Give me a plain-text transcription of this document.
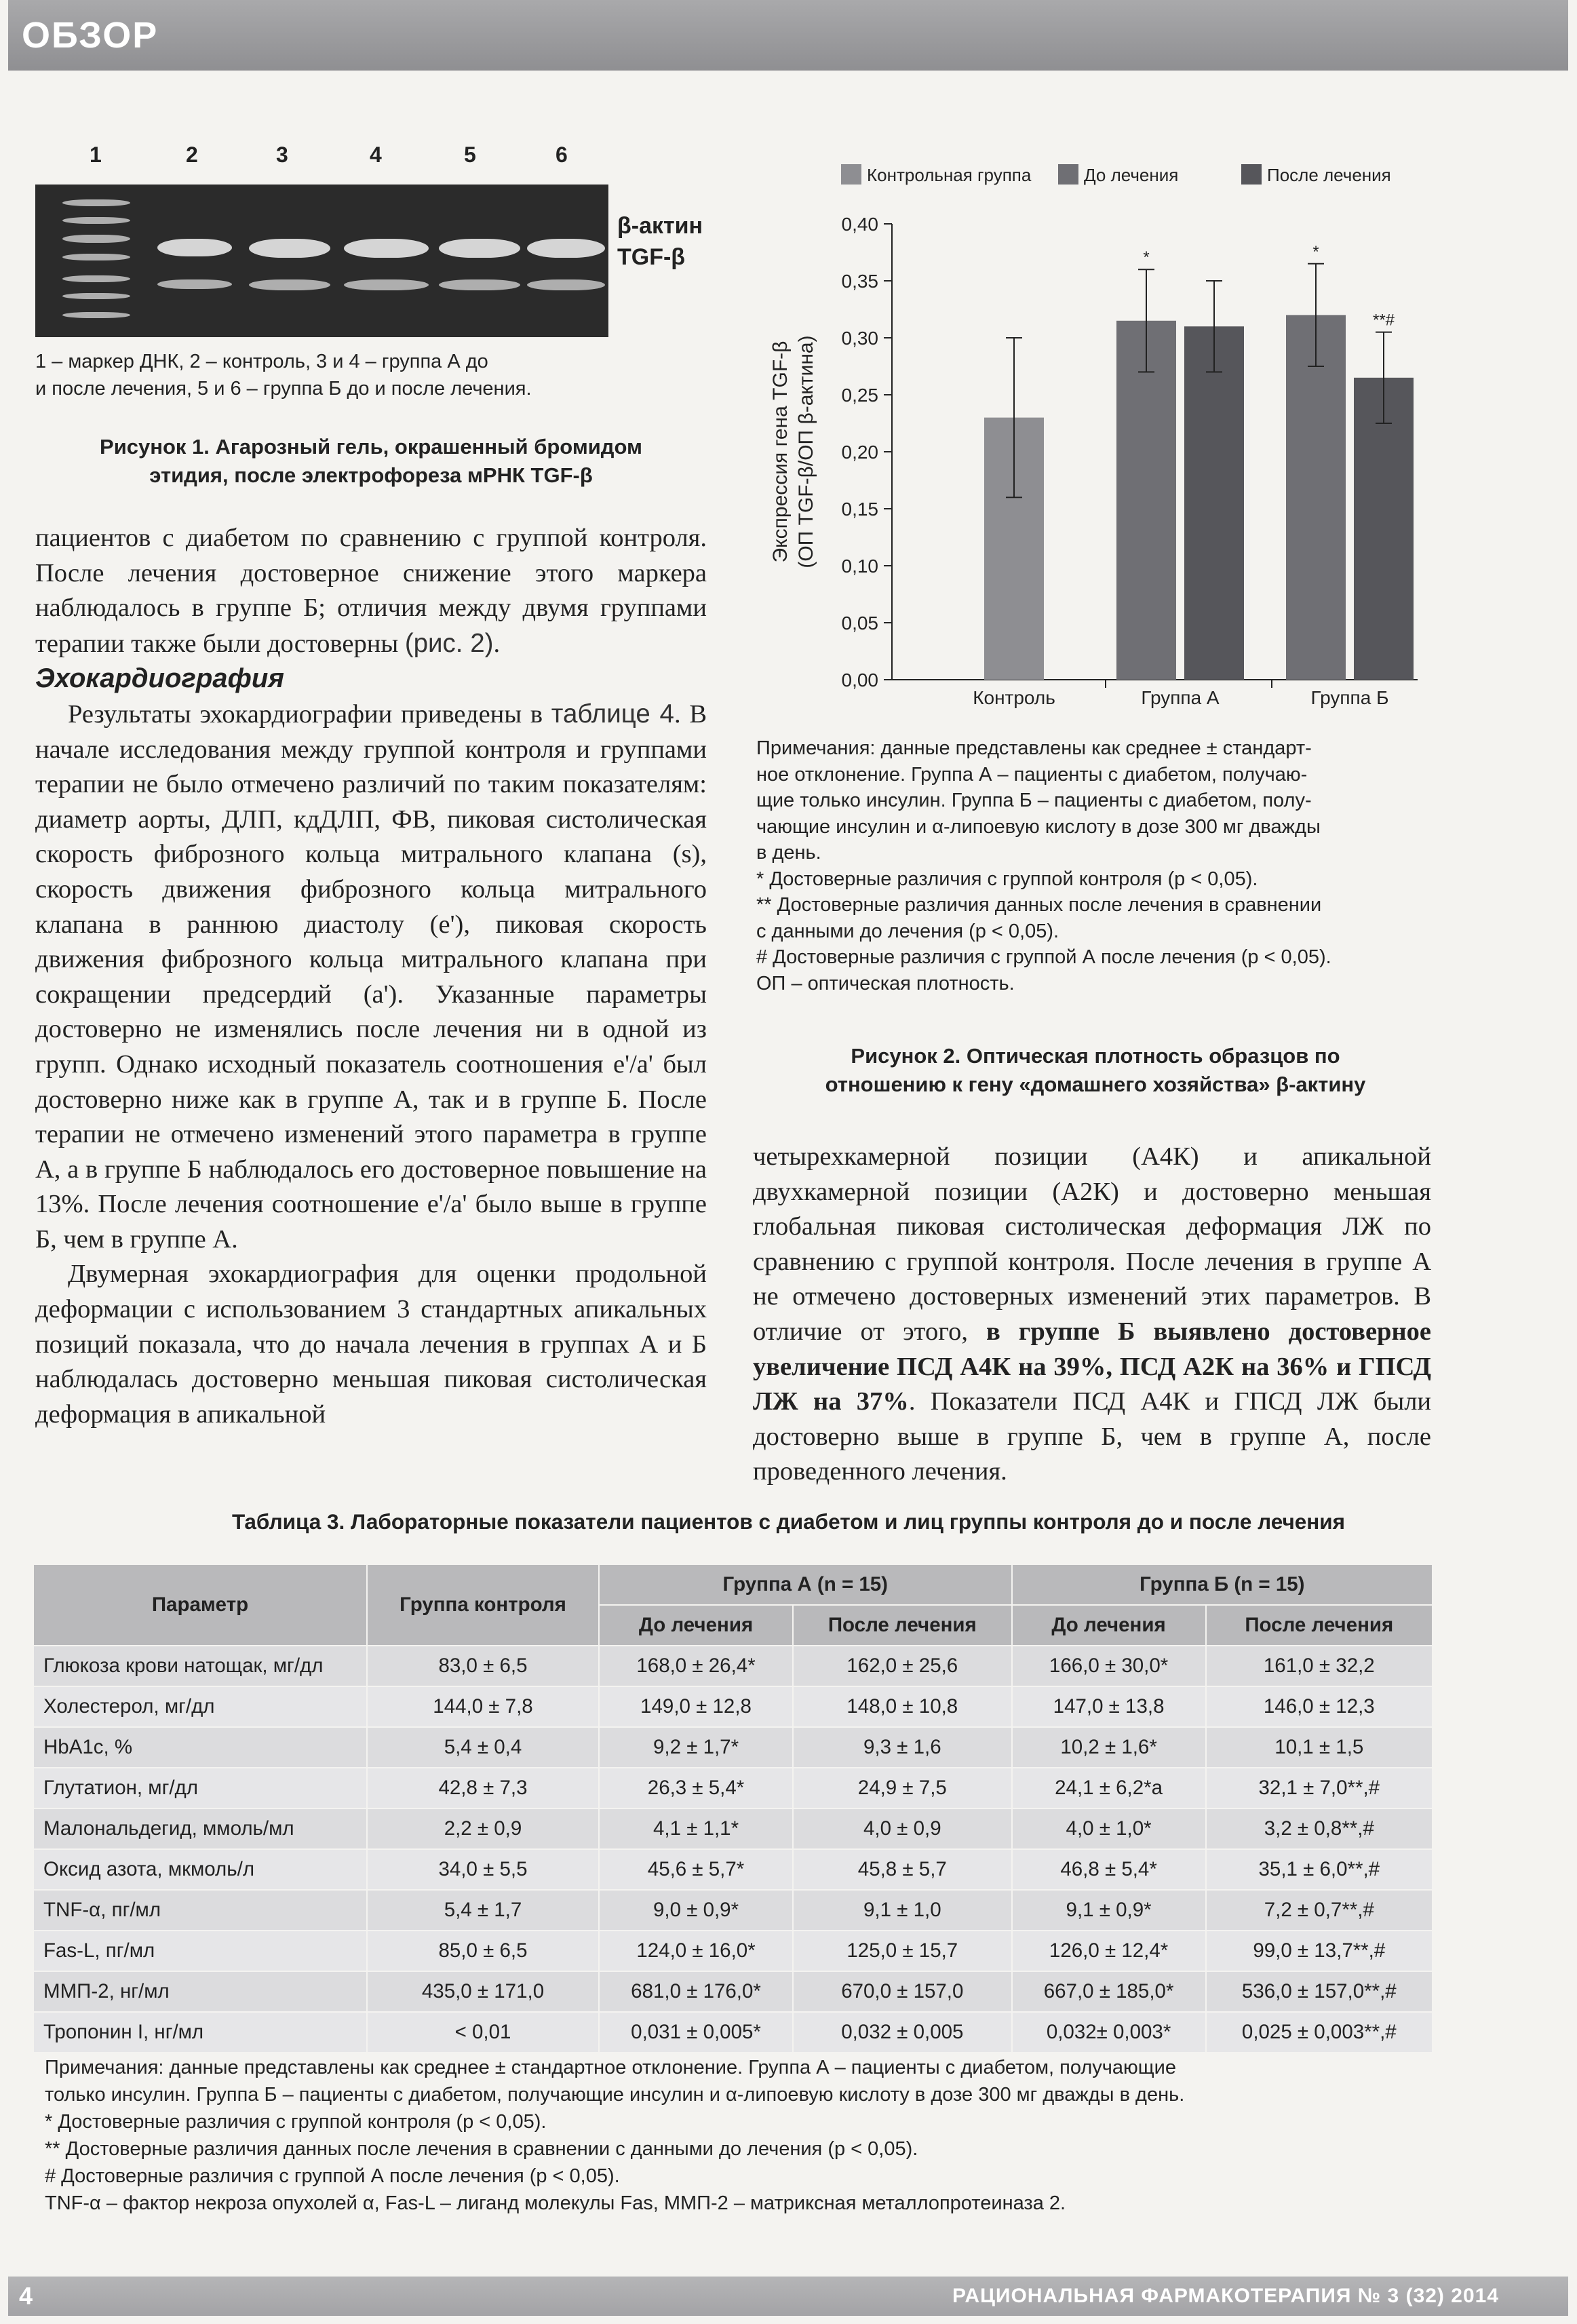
ОБЗОР
1	2	3	4	5	6
β-актин
TGF-β
1 – маркер ДНК, 2 – контроль, 3 и 4 – группа А до
и после лечения, 5 и 6 – группа Б до и после лечения.
Рисунок 1. Агарозный гель, окрашенный бромидом
этидия, после электрофореза мРНК TGF-β

пациентов с диабетом по сравнению с группой контроля. После лечения достоверное снижение этого маркера наблюдалось в группе Б; отличия между двумя группами терапии также были достоверны (рис. 2).

Эхокардиография

Результаты эхокардиографии приведены в таблице 4. В начале исследования между группой контроля и группами терапии не было отмечено различий по таким показателям: диаметр аорты, ДЛП, кдДЛП, ФВ, пиковая систолическая скорость фиброзного кольца митрального клапана (s), скорость движения фиброзного кольца митрального клапана в раннюю диастолу (e'), пиковая скорость движения фиброзного кольца митрального клапана при сокращении предсердий (a'). Указанные параметры достоверно не изменялись после лечения ни в одной из групп. Однако исходный показатель соотношения e'/a' был достоверно ниже как в группе А, так и в группе Б. После терапии не отмечено изменений этого параметра в группе А, а в группе Б наблюдалось его достоверное повышение на 13%. После лечения соотношение e'/a' было выше в группе Б, чем в группе А.

Двумерная эхокардиография для оценки продольной деформации с использованием 3 стандартных апикальных позиций показала, что до начала лечения в группах А и Б наблюдалась достоверно меньшая пиковая систолическая деформация в апикальной

Контрольная группа	До лечения	После лечения
0,00
0,05
0,10
0,15
0,20
0,25
0,30
0,35
0,40
Экспрессия гена TGF-β (ОП TGF-β/ОП β-актина)
Контроль
*
Группа А
*
**#
Группа Б
Примечания: данные представлены как среднее ± стандарт-
ное отклонение. Группа А – пациенты с диабетом, получаю-
щие только инсулин. Группа Б – пациенты с диабетом, полу-
чающие инсулин и α-липоевую кислоту в дозе 300 мг дважды
в день.
* Достоверные различия с группой контроля (p < 0,05).
** Достоверные различия данных после лечения в сравнении
с данными до лечения (p < 0,05).
# Достоверные различия с группой А после лечения (p < 0,05).
ОП – оптическая плотность.
Рисунок 2. Оптическая плотность образцов по
отношению к гену «домашнего хозяйства» β-актину

четырехкамерной позиции (А4К) и апикальной двухкамерной позиции (А2К) и достоверно меньшая глобальная пиковая систолическая деформация ЛЖ по сравнению с группой контроля. После лечения в группе А не отмечено достоверных изменений этих параметров. В отличие от этого, в группе Б выявлено достоверное увеличение ПСД А4К на 39%, ПСД А2К на 36% и ГПСД ЛЖ на 37%. Показатели ПСД А4К и ГПСД ЛЖ были достоверно выше в группе Б, чем в группе А, после проведенного лечения.

Таблица 3. Лабораторные показатели пациентов с диабетом и лиц группы контроля до и после лечения
Параметр	Группа контроля	Группа А (n = 15)		Группа Б (n = 15)	
		До лечения	После лечения	До лечения	После лечения
Глюкоза крови натощак, мг/дл	83,0 ± 6,5	168,0 ± 26,4*	162,0 ± 25,6	166,0 ± 30,0*	161,0 ± 32,2
Холестерол, мг/дл	144,0 ± 7,8	149,0 ± 12,8	148,0 ± 10,8	147,0 ± 13,8	146,0 ± 12,3
HbA1c, %	5,4 ± 0,4	9,2 ± 1,7*	9,3 ± 1,6	10,2 ± 1,6*	10,1 ± 1,5
Глутатион, мг/дл	42,8 ± 7,3	26,3 ± 5,4*	24,9 ± 7,5	24,1 ± 6,2*а	32,1 ± 7,0**,#
Малональдегид, ммоль/мл	2,2 ± 0,9	4,1 ± 1,1*	4,0 ± 0,9	4,0 ± 1,0*	3,2 ± 0,8**,#
Оксид азота, мкмоль/л	34,0 ± 5,5	45,6 ± 5,7*	45,8 ± 5,7	46,8 ± 5,4*	35,1 ± 6,0**,#
TNF-α, пг/мл	5,4 ± 1,7	9,0 ± 0,9*	9,1 ± 1,0	9,1 ± 0,9*	7,2 ± 0,7**,#
Fas-L, пг/мл	85,0 ± 6,5	124,0 ± 16,0*	125,0 ± 15,7	126,0 ± 12,4*	99,0 ± 13,7**,#
ММП-2, нг/мл	435,0 ± 171,0	681,0 ± 176,0*	670,0 ± 157,0	667,0 ± 185,0*	536,0 ± 157,0**,#
Тропонин I, нг/мл	< 0,01	0,031 ± 0,005*	0,032 ± 0,005	0,032± 0,003*	0,025 ± 0,003**,#
Примечания: данные представлены как среднее ± стандартное отклонение. Группа А – пациенты с диабетом, получающие
только инсулин. Группа Б – пациенты с диабетом, получающие инсулин и α-липоевую кислоту в дозе 300 мг дважды в день.
* Достоверные различия с группой контроля (p < 0,05).
** Достоверные различия данных после лечения в сравнении с данными до лечения (p < 0,05).
# Достоверные различия с группой А после лечения (p < 0,05).
TNF-α – фактор некроза опухолей α, Fas-L – лиганд молекулы Fas, ММП-2 – матриксная металлопротеиназа 2.
4	РАЦИОНАЛЬНАЯ ФАРМАКОТЕРАПИЯ № 3 (32) 2014
